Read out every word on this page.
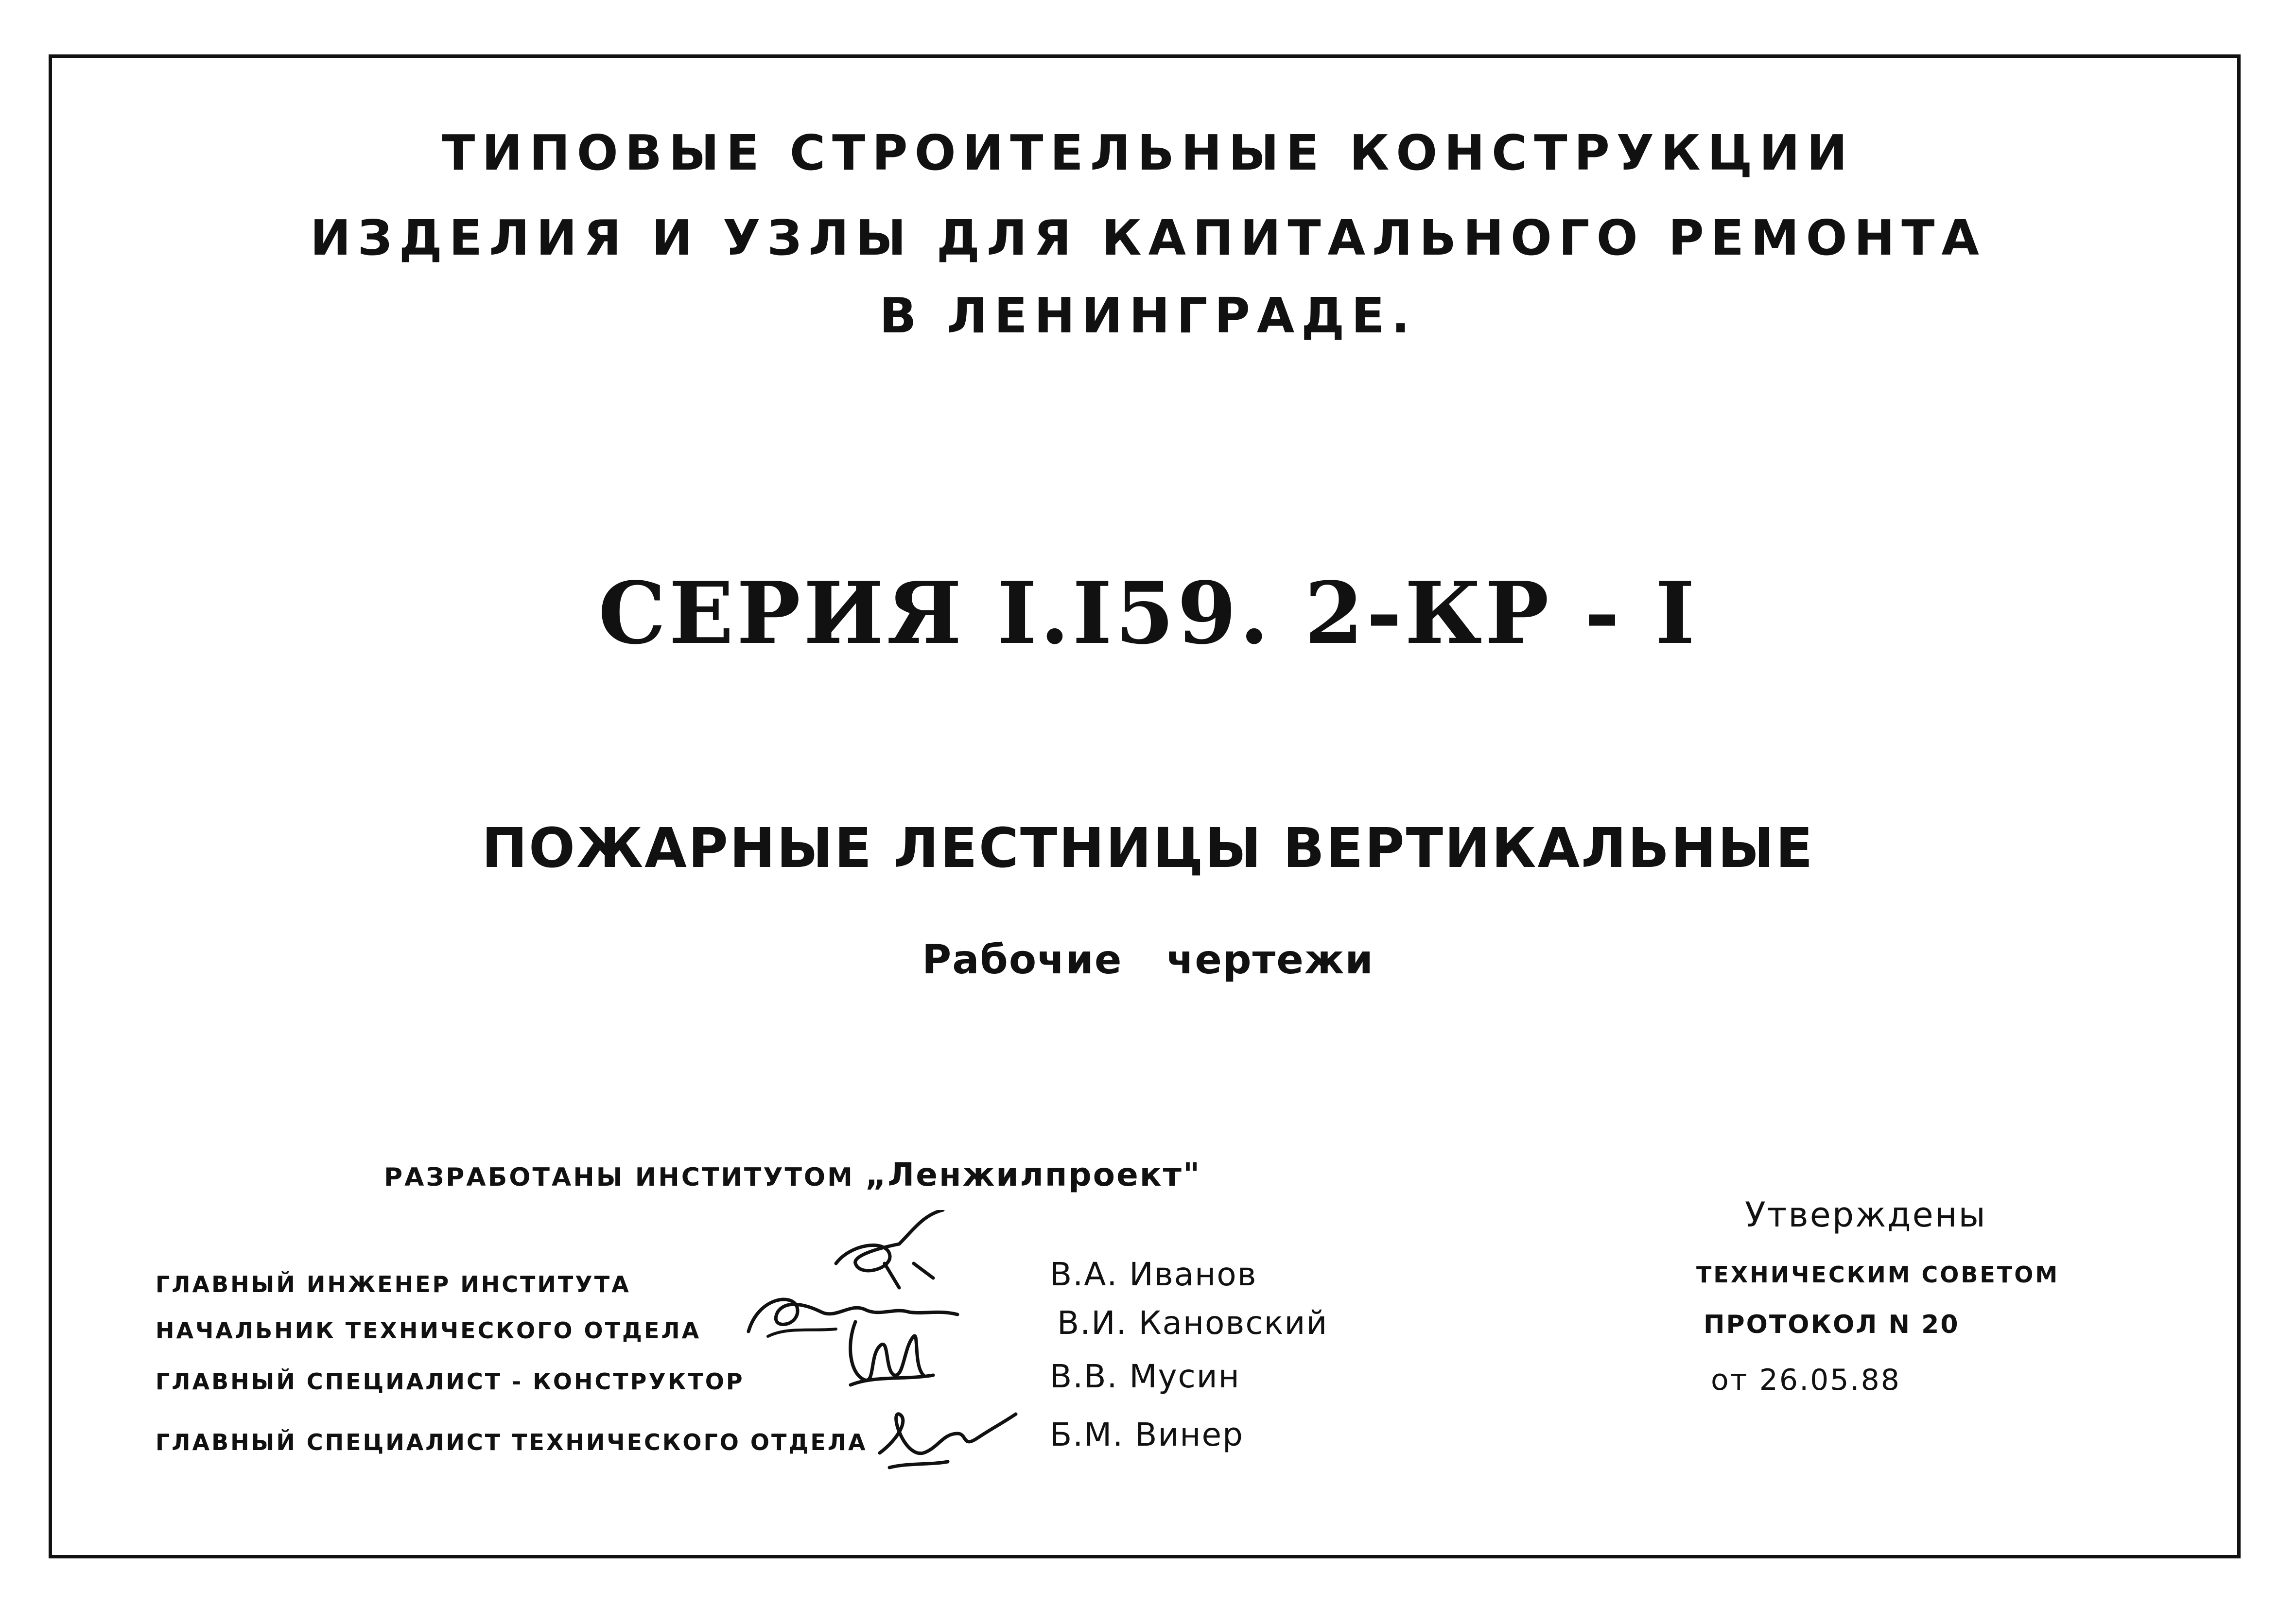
ТИПОВЫЕ СТРОИТЕЛЬНЫЕ КОНСТРУКЦИИ
ИЗДЕЛИЯ И УЗЛЫ ДЛЯ КАПИТАЛЬНОГО РЕМОНТА
В ЛЕНИНГРАДЕ.
СЕРИЯ I.I59. 2-КР - I
ПОЖАРНЫЕ ЛЕСТНИЦЫ ВЕРТИКАЛЬНЫЕ
Рабочие чертежи
РАЗРАБОТАНЫ ИНСТИТУТОМ „Ленжилпроект"
ГЛАВНЫЙ ИНЖЕНЕР ИНСТИТУТА
НАЧАЛЬНИК ТЕХНИЧЕСКОГО ОТДЕЛА
ГЛАВНЫЙ СПЕЦИАЛИСТ - КОНСТРУКТОР
ГЛАВНЫЙ СПЕЦИАЛИСТ ТЕХНИЧЕСКОГО ОТДЕЛА
В.А. Иванов
В.И. Кановский
В.В. Мусин
Б.М. Винер
Утверждены
ТЕХНИЧЕСКИМ СОВЕТОМ
ПРОТОКОЛ N 20
от 26.05.88
